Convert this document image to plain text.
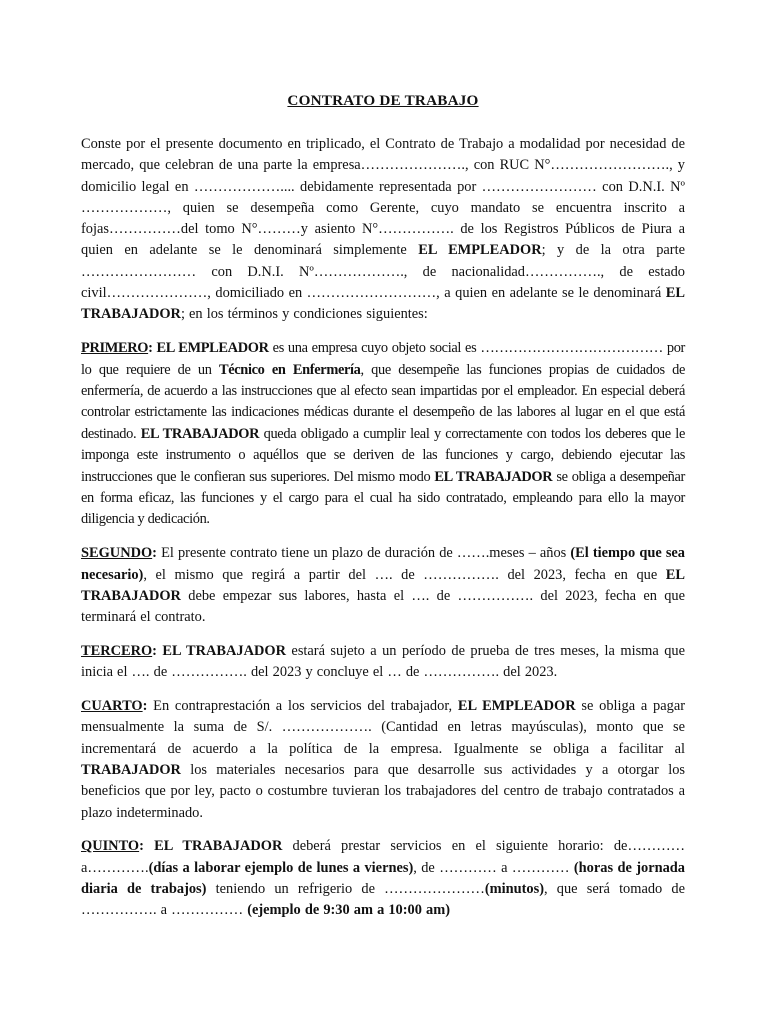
CONTRATO DE TRABAJO

Conste por el presente documento en triplicado, el Contrato de Trabajo a modalidad por necesidad de mercado, que celebran de una parte la empresa…………………., con RUC N°……………………., y domicilio legal en ……………….... debidamente representada por …………………… con D.N.I. Nº ………………, quien se desempeña como Gerente, cuyo mandato se encuentra inscrito a fojas……………del tomo N°………y asiento N°……………. de los Registros Públicos de Piura a quien en adelante se le denominará simplemente EL EMPLEADOR; y de la otra parte …………………… con D.N.I. Nº………………., de nacionalidad……………., de estado civil…………………, domiciliado en ………………………, a quien en adelante se le denominará EL TRABAJADOR; en los términos y condiciones siguientes:

PRIMERO: EL EMPLEADOR es una empresa cuyo objeto social es ………………………………… por lo que requiere de un Técnico en Enfermería, que desempeñe las funciones propias de cuidados de enfermería, de acuerdo a las instrucciones que al efecto sean impartidas por el empleador. En especial deberá controlar estrictamente las indicaciones médicas durante el desempeño de las labores al lugar en el que está destinado. EL TRABAJADOR queda obligado a cumplir leal y correctamente con todos los deberes que le imponga este instrumento o aquéllos que se deriven de las funciones y cargo, debiendo ejecutar las instrucciones que le confieran sus superiores. Del mismo modo EL TRABAJADOR se obliga a desempeñar en forma eficaz, las funciones y el cargo para el cual ha sido contratado, empleando para ello la mayor diligencia y dedicación.

SEGUNDO: El presente contrato tiene un plazo de duración de …….meses – años (El tiempo que sea necesario), el mismo que regirá a partir del …. de ……………. del 2023, fecha en que EL TRABAJADOR debe empezar sus labores, hasta el …. de ……………. del 2023, fecha en que terminará el contrato.

TERCERO: EL TRABAJADOR estará sujeto a un período de prueba de tres meses, la misma que inicia el …. de ……………. del 2023 y concluye el … de ……………. del 2023.

CUARTO: En contraprestación a los servicios del trabajador, EL EMPLEADOR se obliga a pagar mensualmente la suma de S/. ………………. (Cantidad en letras mayúsculas), monto que se incrementará de acuerdo a la política de la empresa. Igualmente se obliga a facilitar al TRABAJADOR los materiales necesarios para que desarrolle sus actividades y a otorgar los beneficios que por ley, pacto o costumbre tuvieran los trabajadores del centro de trabajo contratados a plazo indeterminado.

QUINTO: EL TRABAJADOR deberá prestar servicios en el siguiente horario: de…………a………….(días a laborar ejemplo de lunes a viernes), de ………… a ………… (horas de jornada diaria de trabajos) teniendo un refrigerio de …………………(minutos), que será tomado de ……………. a …………… (ejemplo de 9:30 am a 10:00 am)
